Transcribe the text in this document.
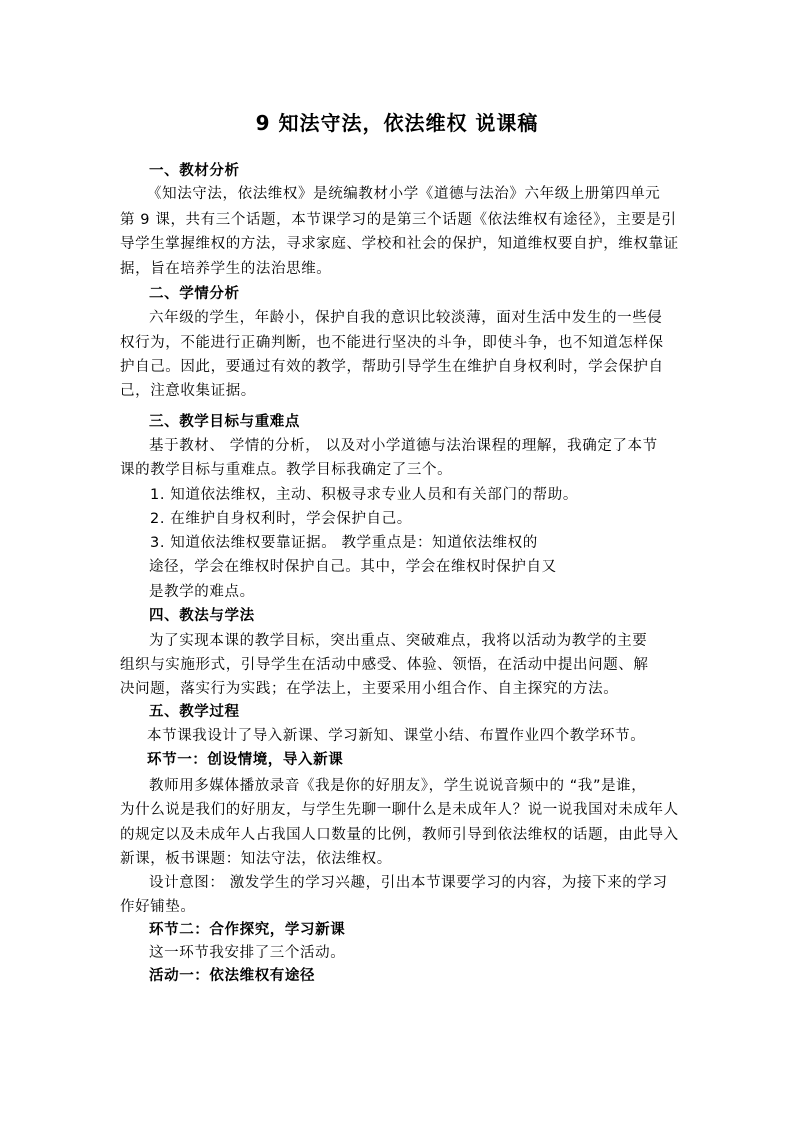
9 知法守法，依法维权 说课稿

一、教材分析

《知法守法，依法维权》是统编教材小学《道德与法治》六年级上册第四单元

第 9 课，共有三个话题，本节课学习的是第三个话题《依法维权有途径》，主要是引

导学生掌握维权的方法，寻求家庭、学校和社会的保护，知道维权要自护，维权靠证

据，旨在培养学生的法治思维。

二、学情分析

六年级的学生，年龄小，保护自我的意识比较淡薄，面对生活中发生的一些侵

权行为，不能进行正确判断，也不能进行坚决的斗争，即使斗争，也不知道怎样保

护自己。因此，要通过有效的教学，帮助引导学生在维护自身权利时，学会保护自

己，注意收集证据。

三、教学目标与重难点

基于教材、 学情的分析， 以及对小学道德与法治课程的理解，我确定了本节

课的教学目标与重难点。教学目标我确定了三个。

1. 知道依法维权，主动、积极寻求专业人员和有关部门的帮助。

2. 在维护自身权利时，学会保护自己。

3. 知道依法维权要靠证据。 教学重点是：知道依法维权的

途径，学会在维权时保护自己。其中，学会在维权时保护自又

是教学的难点。

四、教法与学法

为了实现本课的教学目标，突出重点、突破难点，我将以活动为教学的主要

组织与实施形式，引导学生在活动中感受、体验、领悟，在活动中提出问题、解

决问题，落实行为实践；在学法上，主要采用小组合作、自主探究的方法。

五、教学过程

本节课我设计了导入新课、学习新知、课堂小结、布置作业四个教学环节。

环节一：创设情境，导入新课

教师用多媒体播放录音《我是你的好朋友》，学生说说音频中的 “我”是谁，

为什么说是我们的好朋友，与学生先聊一聊什么是未成年人？说一说我国对未成年人

的规定以及未成年人占我国人口数量的比例，教师引导到依法维权的话题，由此导入

新课，板书课题：知法守法，依法维权。

设计意图： 激发学生的学习兴趣，引出本节课要学习的内容，为接下来的学习

作好铺垫。

环节二：合作探究，学习新课

这一环节我安排了三个活动。

活动一：依法维权有途径
